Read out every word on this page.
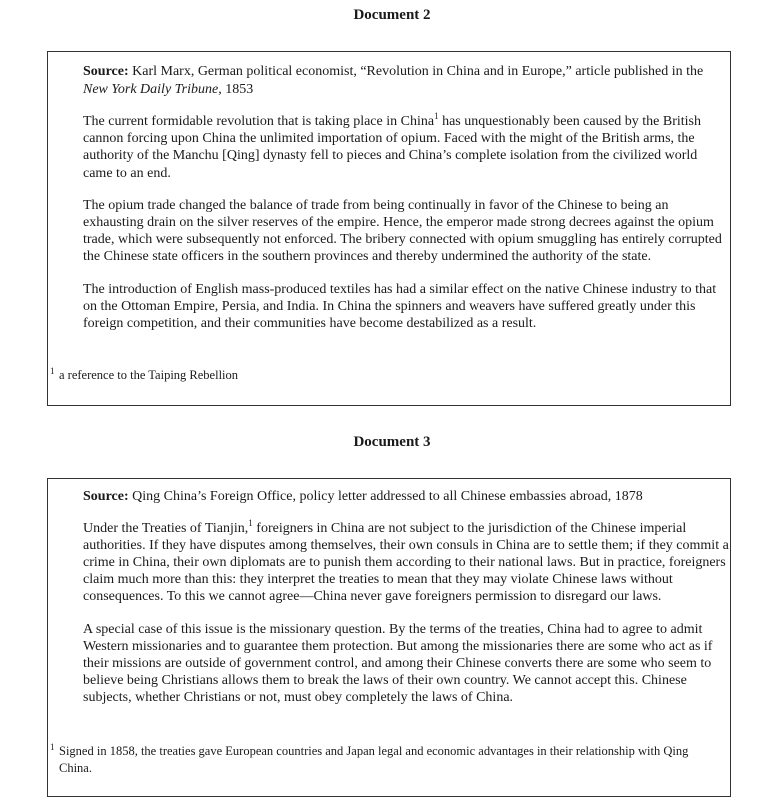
Document 2

Source: Karl Marx, German political economist, “Revolution in China and in Europe,” article published in the New York Daily Tribune, 1853

The current formidable revolution that is taking place in China$^1$ has unquestionably been caused by the British cannon forcing upon China the unlimited importation of opium. Faced with the might of the British arms, the authority of the Manchu [Qing] dynasty fell to pieces and China’s complete isolation from the civilized world came to an end.

The opium trade changed the balance of trade from being continually in favor of the Chinese to being an exhausting drain on the silver reserves of the empire. Hence, the emperor made strong decrees against the opium trade, which were subsequently not enforced. The bribery connected with opium smuggling has entirely corrupted the Chinese state officers in the southern provinces and thereby undermined the authority of the state.

The introduction of English mass-produced textiles has had a similar effect on the native Chinese industry to that on the Ottoman Empire, Persia, and India. In China the spinners and weavers have suffered greatly under this foreign competition, and their communities have become destabilized as a result.

1 a reference to the Taiping Rebellion
Document 3

Source: Qing China’s Foreign Office, policy letter addressed to all Chinese embassies abroad, 1878

Under the Treaties of Tianjin,$^1$ foreigners in China are not subject to the jurisdiction of the Chinese imperial authorities. If they have disputes among themselves, their own consuls in China are to settle them; if they commit a crime in China, their own diplomats are to punish them according to their national laws. But in practice, foreigners claim much more than this: they interpret the treaties to mean that they may violate Chinese laws without consequences. To this we cannot agree—China never gave foreigners permission to disregard our laws.

A special case of this issue is the missionary question. By the terms of the treaties, China had to agree to admit Western missionaries and to guarantee them protection. But among the missionaries there are some who act as if their missions are outside of government control, and among their Chinese converts there are some who seem to believe being Christians allows them to break the laws of their own country. We cannot accept this. Chinese subjects, whether Christians or not, must obey completely the laws of China.

1 Signed in 1858, the treaties gave European countries and Japan legal and economic advantages in their relationship with Qing China.
